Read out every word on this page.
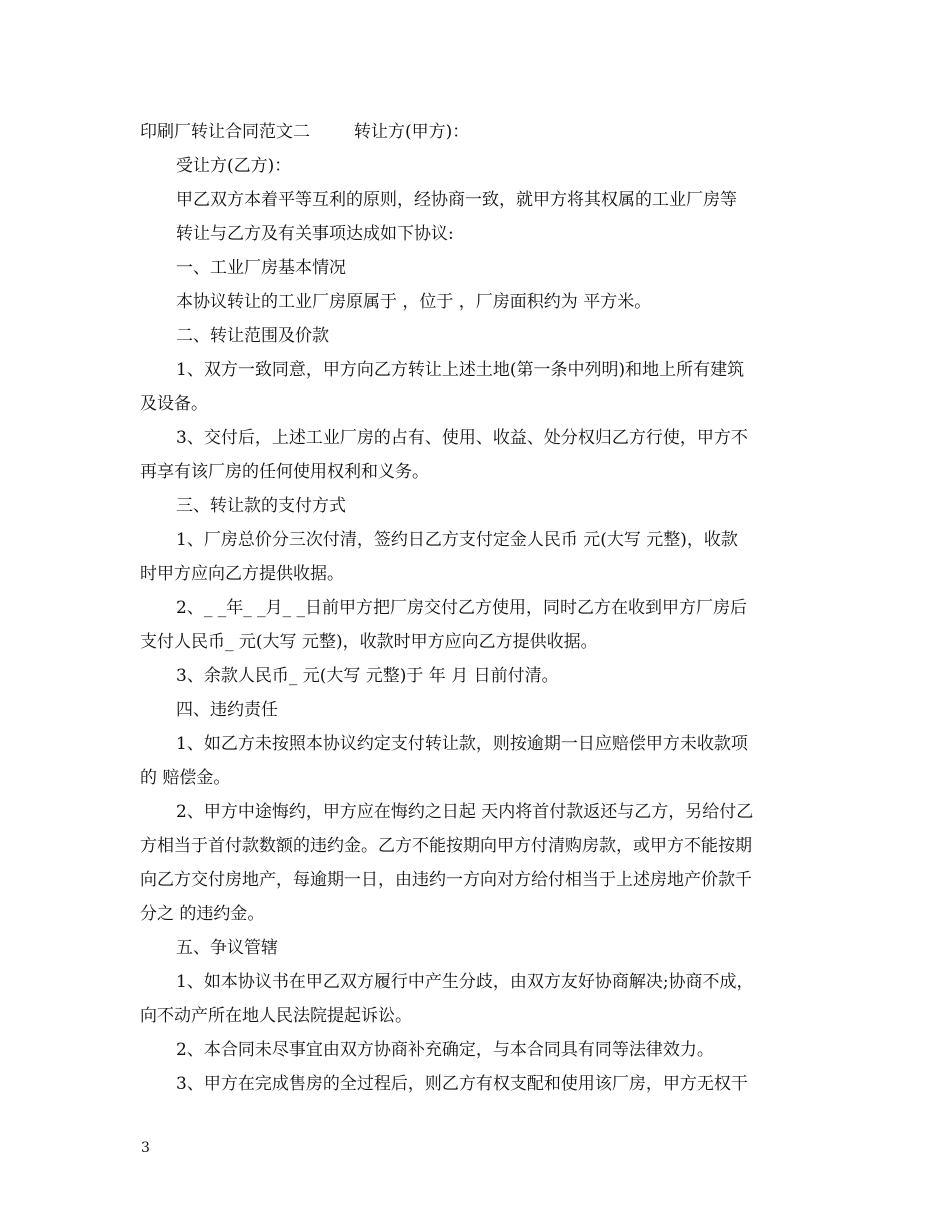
印刷厂转让合同范文二	转让方(甲方)：
受让方(乙方)：
甲乙双方本着平等互利的原则，经协商一致，就甲方将其权属的工业厂房等
转让与乙方及有关事项达成如下协议:
一、工业厂房基本情况
本协议转让的工业厂房原属于 ，位于 ，厂房面积约为 平方米。
二、转让范围及价款
1、双方一致同意，甲方向乙方转让上述土地(第一条中列明)和地上所有建筑
及设备。
3、交付后，上述工业厂房的占有、使用、收益、处分权归乙方行使，甲方不
再享有该厂房的任何使用权利和义务。
三、转让款的支付方式
1、厂房总价分三次付清，签约日乙方支付定金人民币 元(大写 元整)，收款
时甲方应向乙方提供收据。
2、_ _年_ _月_ _日前甲方把厂房交付乙方使用，同时乙方在收到甲方厂房后
支付人民币_ 元(大写 元整)，收款时甲方应向乙方提供收据。
3、余款人民币_ 元(大写 元整)于 年 月 日前付清。
四、违约责任
1、如乙方未按照本协议约定支付转让款，则按逾期一日应赔偿甲方未收款项
的 赔偿金。
2、甲方中途悔约，甲方应在悔约之日起 天内将首付款返还与乙方，另给付乙
方相当于首付款数额的违约金。乙方不能按期向甲方付清购房款，或甲方不能按期
向乙方交付房地产，每逾期一日，由违约一方向对方给付相当于上述房地产价款千
分之 的违约金。
五、争议管辖
1、如本协议书在甲乙双方履行中产生分歧，由双方友好协商解决;协商不成，
向不动产所在地人民法院提起诉讼。
2、本合同未尽事宜由双方协商补充确定，与本合同具有同等法律效力。
3、甲方在完成售房的全过程后，则乙方有权支配和使用该厂房，甲方无权干
3
